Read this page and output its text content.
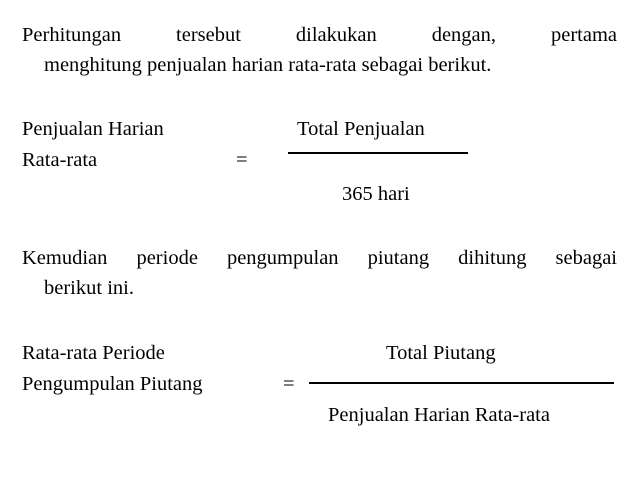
Perhitungan tersebut dilakukan dengan, pertama
menghitung penjualan harian rata-rata sebagai berikut.
Penjualan Harian
Rata-rata	=
Total Penjualan
365 hari
Kemudian periode pengumpulan piutang dihitung sebagai
berikut ini.
Rata-rata Periode
Pengumpulan Piutang	=
Total Piutang
Penjualan Harian Rata-rata
